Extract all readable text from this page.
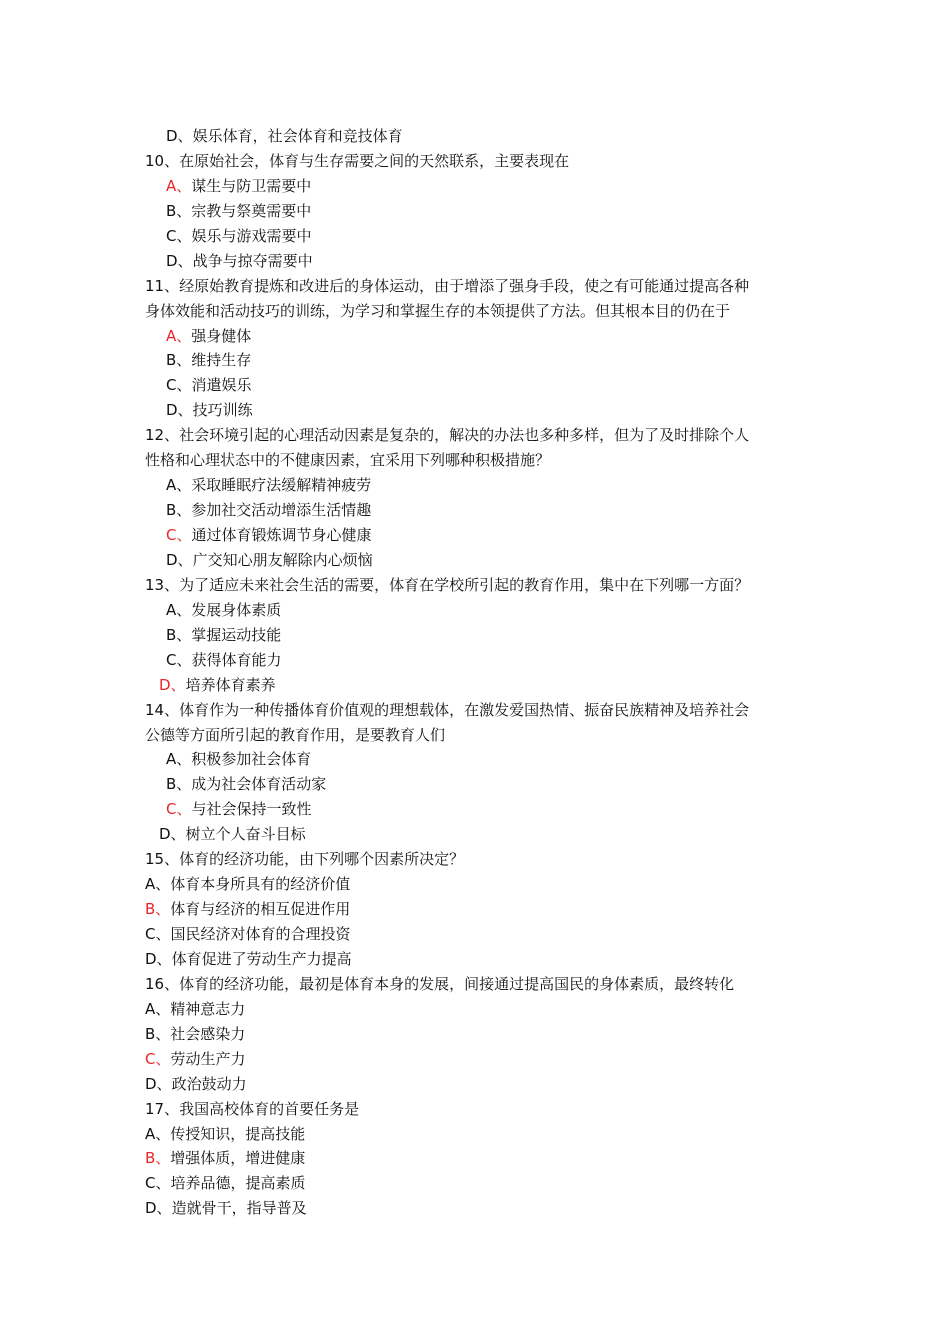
D、娱乐体育，社会体育和竞技体育
10、在原始社会，体育与生存需要之间的天然联系，主要表现在
A、谋生与防卫需要中
B、宗教与祭奠需要中
C、娱乐与游戏需要中
D、战争与掠夺需要中
11、经原始教育提炼和改进后的身体运动，由于增添了强身手段，使之有可能通过提高各种
身体效能和活动技巧的训练，为学习和掌握生存的本领提供了方法。但其根本目的仍在于
A、强身健体
B、维持生存
C、消遣娱乐
D、技巧训练
12、社会环境引起的心理活动因素是复杂的，解决的办法也多种多样，但为了及时排除个人
性格和心理状态中的不健康因素，宜采用下列哪种积极措施？
A、采取睡眠疗法缓解精神疲劳
B、参加社交活动增添生活情趣
C、通过体育锻炼调节身心健康
D、广交知心朋友解除内心烦恼
13、为了适应未来社会生活的需要，体育在学校所引起的教育作用，集中在下列哪一方面？
A、发展身体素质
B、掌握运动技能
C、获得体育能力
D、培养体育素养
14、体育作为一种传播体育价值观的理想载体，在激发爱国热情、振奋民族精神及培养社会
公德等方面所引起的教育作用，是要教育人们
A、积极参加社会体育
B、成为社会体育活动家
C、与社会保持一致性
D、树立个人奋斗目标
15、体育的经济功能，由下列哪个因素所决定？
A、体育本身所具有的经济价值
B、体育与经济的相互促进作用
C、国民经济对体育的合理投资
D、体育促进了劳动生产力提高
16、体育的经济功能，最初是体育本身的发展，间接通过提高国民的身体素质，最终转化
A、精神意志力
B、社会感染力
C、劳动生产力
D、政治鼓动力
17、我国高校体育的首要任务是
A、传授知识，提高技能
B、增强体质，增进健康
C、培养品德，提高素质
D、造就骨干，指导普及
